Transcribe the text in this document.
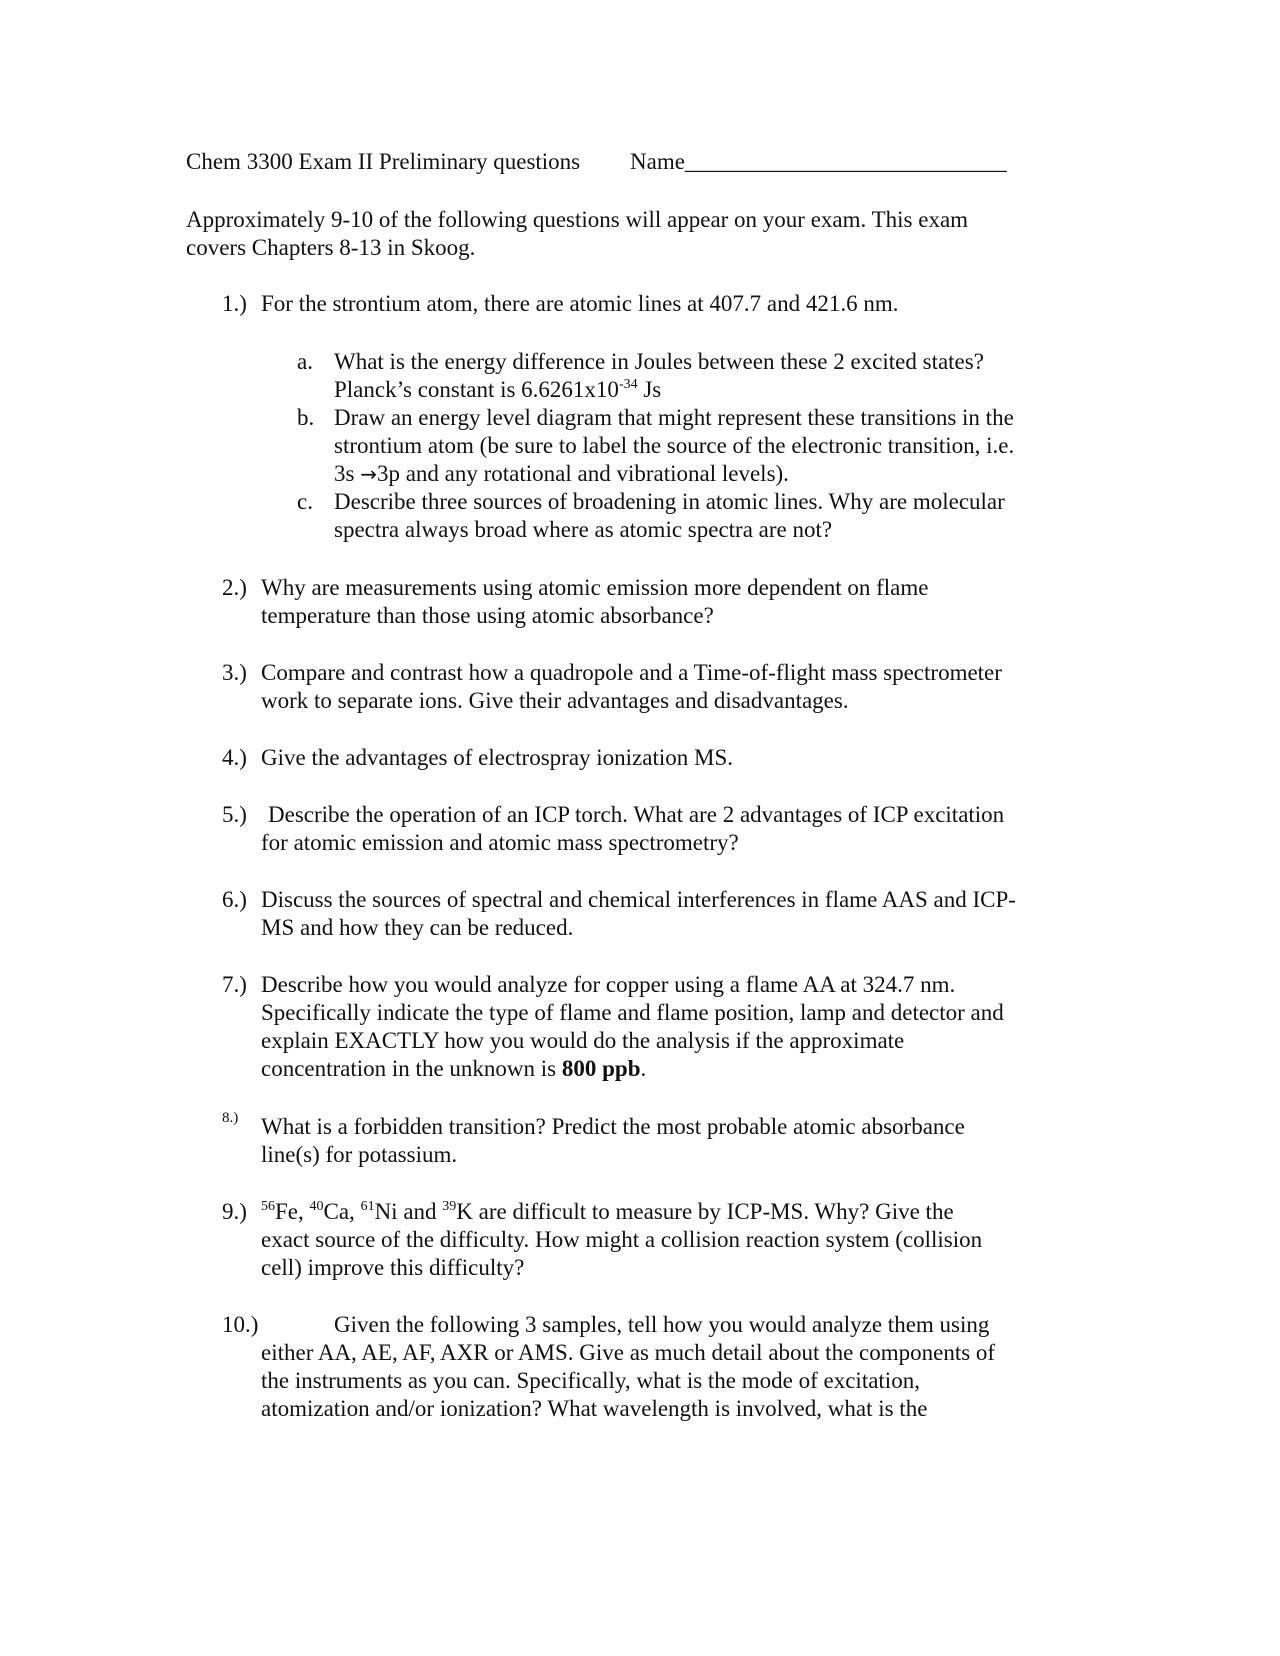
Chem 3300 Exam II Preliminary questions Name____________________________
Approximately 9-10 of the following questions will appear on your exam. This exam
covers Chapters 8-13 in Skoog.
1.) For the strontium atom, there are atomic lines at 407.7 and 421.6 nm.
a. What is the energy difference in Joules between these 2 excited states?
Planck’s constant is $6.6261x10^{-34}$ Js
b. Draw an energy level diagram that might represent these transitions in the
strontium atom (be sure to label the source of the electronic transition, i.e.
3s →3p and any rotational and vibrational levels).
c. Describe three sources of broadening in atomic lines. Why are molecular
spectra always broad where as atomic spectra are not?
2.) Why are measurements using atomic emission more dependent on flame
temperature than those using atomic absorbance?
3.) Compare and contrast how a quadropole and a Time-of-flight mass spectrometer
work to separate ions. Give their advantages and disadvantages.
4.) Give the advantages of electrospray ionization MS.
5.) Describe the operation of an ICP torch. What are 2 advantages of ICP excitation
for atomic emission and atomic mass spectrometry?
6.) Discuss the sources of spectral and chemical interferences in flame AAS and ICP-
MS and how they can be reduced.
7.) Describe how you would analyze for copper using a flame AA at 324.7 nm.
Specifically indicate the type of flame and flame position, lamp and detector and
explain EXACTLY how you would do the analysis if the approximate
concentration in the unknown is 800 ppb.
8.) What is a forbidden transition? Predict the most probable atomic absorbance
line(s) for potassium.
9.) $^{56}$Fe, $^{40}$Ca, $^{61}$Ni and $^{39}$K are difficult to measure by ICP-MS. Why? Give the
exact source of the difficulty. How might a collision reaction system (collision
cell) improve this difficulty?
10.)	Given the following 3 samples, tell how you would analyze them using
either AA, AE, AF, AXR or AMS. Give as much detail about the components of
the instruments as you can. Specifically, what is the mode of excitation,
atomization and/or ionization? What wavelength is involved, what is the
